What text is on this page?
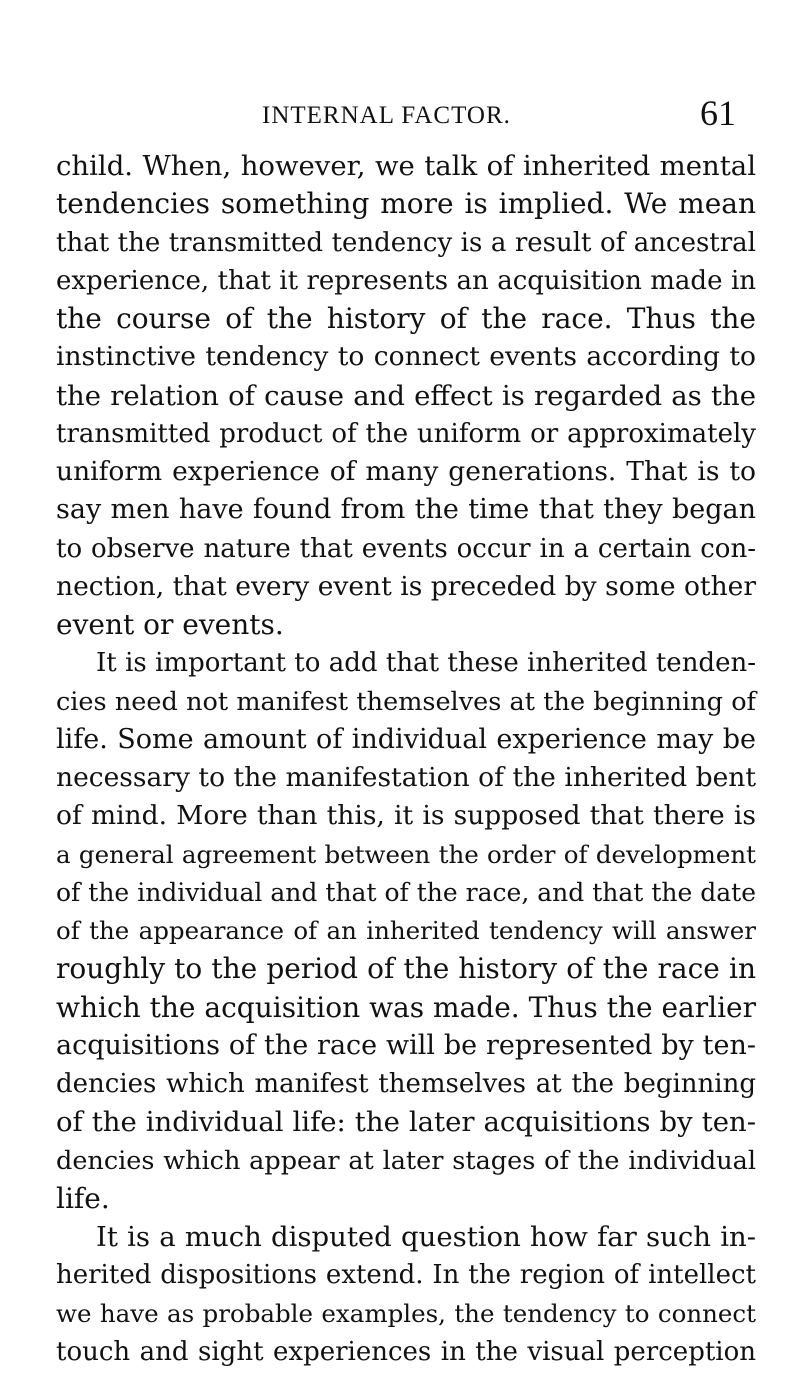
INTERNAL FACTOR.	61
child. When, however, we talk of inherited mental
tendencies something more is implied. We mean
that the transmitted tendency is a result of ancestral
experience, that it represents an acquisition made in
the course of the history of the race. Thus the
instinctive tendency to connect events according to
the relation of cause and effect is regarded as the
transmitted product of the uniform or approximately
uniform experience of many generations. That is to
say men have found from the time that they began
to observe nature that events occur in a certain con-
nection, that every event is preceded by some other
event or events.
It is important to add that these inherited tenden-
cies need not manifest themselves at the beginning of
life. Some amount of individual experience may be
necessary to the manifestation of the inherited bent
of mind. More than this, it is supposed that there is
a general agreement between the order of development
of the individual and that of the race, and that the date
of the appearance of an inherited tendency will answer
roughly to the period of the history of the race in
which the acquisition was made. Thus the earlier
acquisitions of the race will be represented by ten-
dencies which manifest themselves at the beginning
of the individual life: the later acquisitions by ten-
dencies which appear at later stages of the individual
life.
It is a much disputed question how far such in-
herited dispositions extend. In the region of intellect
we have as probable examples, the tendency to connect
touch and sight experiences in the visual perception
